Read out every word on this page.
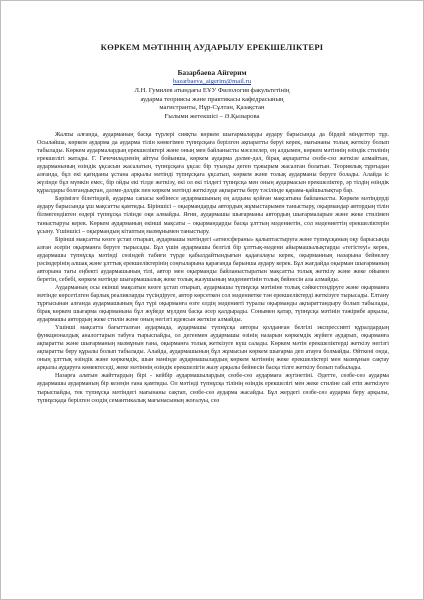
КӨРКЕМ МӘТІННІҢ АУДАРЫЛУ ЕРЕКШЕЛІКТЕРІ
Базарбаева Айгерим
bazarbaeva_aigerim@mail.ru
Л.Н. Гумилев атындағы ЕҰУ Филология факультетінің
аударма теориясы және практикасы кафедрасының
магистранты, Нұр-Сұлтан, Қазақстан
Ғылыми жетекшісі – Ә.Қызырова

Жалпы алғанда, аударманың басқа түрлері сияқты көркем шығармаларды аудару барысында да бірдей міндеттер тұр. Осылайша, көркем аударма да аударма тілін көмегімен түпнұсқаға берілген ақпаратты беруі керек, мағынаны толық жеткізу болып табылады. Көркем аудармалардың ерекшеліктері және оның мен байланысты мәселелер, ең алдымен, көркем мәтіннің өзіндік стилінің ерекшелігі жатады. Г. Гачечиладзенің айтуы бойынша, көркем аударма дәлме-дәл, бірақ ақпаратты сөзбе-сөз жеткізе алмайтын, аударманының өзіндік ұқсасын жасалатын, түпнұсқаға ұқсас бір туынды деген тұжырым жасалған болатын. Теориялық тұрғыдан алғанда, бұл екі қағиданы ұстана арқылы мәтінді түпнұсқаға ұқсатып, көркем және толық аударманы беруге болады. Алайда іс жүзінде бұл мүмкін емес, бір ойды екі тілде жеткізу, екі ол екі тілдегі түпнұсқа мен оның аудармасын ерекшеліктер, әр тілдің өзіндік құралдары болғандықтан, дәлме-дәлдік пен көркем мәтінді жеткізуде ақпаратты беру тәсілінде қарама-қайшылықтар бар.

Бәрімізге білетіндей, аударма сапасы көбінесе аудармашының ең алдына қойған мақсатына байланысты. Көркем мәтіндерді аудару барысында ұш мақсатты қамтиды. Біріншісі – оқырмандарды автордың жұмыстарымен таныстыру, оқырмандар автордың тілін білмегендіктен өздері түпнұсқа тілінде оқи алмайды. Яғни, аудармашы шығарманы автордың шығармаларын және жеке стилімен таныстыруы керек. Көркем аударманың екінші мақсаты – оқырмандарды басқа ұлттың мәдениетін, сол мәдениеттің ерекшеліктерін ұсыну. Үшіншісі – оқырмандың кітаптың мазмұнымен таныстыру.

Бірінші мақсатты көзге ұстап отырып, аудармашы мәтіндегі «атмосфераны» қалыптастыруға және түпнұсқаның оқу барысында алған әсерін оқырманға беруге тырысады. Бұл үшін аудармашы белгілі бір ұлттық-мәдени айырмашылықтарды «тегістеуі» керек, аудармашы түпнұсқа мәтінді сөзіндей табиғи түрде қабылдайтындығын қадағалауы керек, оқырманның назарына бейнелеу рәсімдерінің алшақ және ұлттық ерекшеліктерінің соңғыларына қарағанда барынша аудару керек. Бұл жағдайда оқырман шығарманың авторына тағы еңбекті аудармашының тілі, автор мен оқырманды байланыстыратын мақсатты толық жеткізу және жеке ойымен беретін, себебі, көркем мәтінде шығармашылық жеке толық жазушының мәдениетінін толық бейнесін ала алмайды.

Аударманың осы екінші мақсатын көзге ұстап отырып, аудармашы түпнұсқа мәтініне толық сәйкестендіруге және оқырманға мәтінде көрсетілген барлық реалияларды түсіндіруге, автор көрсеткен сол мәдениетке тән ерекшеліктерді жеткізуге тырысады. Елтану тұрғысынан алғанда аудармашының бұл түрі оқырманға өзге елдің мәдениеті туралы оқырманды ақпараттандыру болып табылады, бірақ көркем шығарма оқырманына бұл жүйеде мүлдем басқа әсер қалдырады. Сонымен қатар, түпнұсқа мәтінін тәжірибе арқылы, аудармашы автордың жеке стилін және оның негізгі идеясын жеткізе алмайды.

Үшінші мақсатта бағытталған аудармада, аудармашы түпнұсқа авторы қолданған белгілі экспрессивті құралдардың функционалдық аналогтарын табуға тырыспайды, ол дегенмен аудармашы өзінің назарын көркемдік жүйеге аударып, оқырманға ақпаратты және шығарманың мазмұнын ғана, оқырманға толық жеткізуге күш салады. Көркем мәтін ерекшеліктерді жеткізу негізгі ақпаратты беру құралы болып табылады. Алайда, аудармашының бұл жұмысын көркем шығарма деп атауға болмайды. Өйткені онда, оның ұлттық өзіндік және көркемдік, шын мәнінде аудармашылардың көркем мәтіннің жеке ерекшеліктері мен мазмұнын сақтау арқылы аударуға көмектеседі, жеке мәтіннің өзіндік ерекшелігін жазу арқылы бейнесін басқа тілге жеткізу болып табылады.

Назарға алатын жайттардың бірі - кейбір аудармашылардың сөзбе-сөз аудармаға жүгінетіні. Әдетте, сөзбе-сөз аударма аудармашы аударманың бір кезеңін ғана қамтиды. Ол мәтінді түпнұсқа тілінің өзіндік ерекшелігі мен жеке стиліне сай етіп жеткізуге тырыспайды, тек түпнұсқа мәтіндегі мағынаны сақтап, сөзбе-сөз аударма жасайды. Бұл жердегі сөзбе-сөз аударма беру арқылы, түпнұсқада берілген сөздің семантикалық мағынасының жоғалуы, сөз
